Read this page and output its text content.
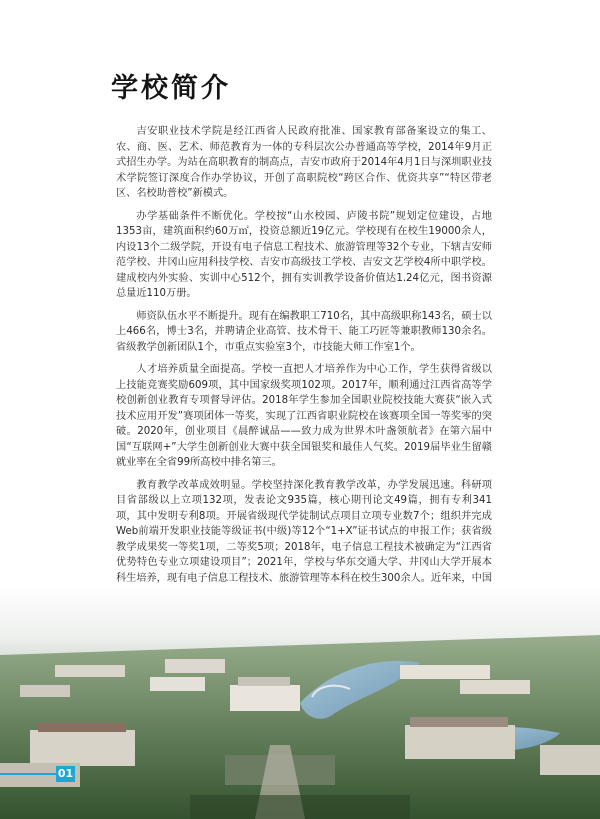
学校简介

吉安职业技术学院是经江西省人民政府批准、国家教育部备案设立的集工、农、商、医、艺术、师范教育为一体的专科层次公办普通高等学校，2014年9月正式招生办学。为站在高职教育的制高点，吉安市政府于2014年4月1日与深圳职业技术学院签订深度合作办学协议，开创了高职院校“跨区合作、优资共享”“特区带老区、名校助普校”新模式。

办学基础条件不断优化。学校按“山水校园、庐陵书院”规划定位建设，占地1353亩，建筑面积约60万㎡，投资总额近19亿元。学校现有在校生19000余人，内设13个二级学院，开设有电子信息工程技术、旅游管理等32个专业，下辖吉安师范学校、井冈山应用科技学校、吉安市高级技工学校、吉安文艺学校4所中职学校。建成校内外实验、实训中心512个，拥有实训教学设备价值达1.24亿元，图书资源总量近110万册。

师资队伍水平不断提升。现有在编教职工710名，其中高级职称143名，硕士以上466名，博士3名，并聘请企业高管、技术骨干、能工巧匠等兼职教师130余名。省级教学创新团队1个，市重点实验室3个，市技能大师工作室1个。

人才培养质量全面提高。学校一直把人才培养作为中心工作，学生获得省级以上技能竞赛奖励609项，其中国家级奖项102项。2017年，顺利通过江西省高等学校创新创业教育专项督导评估。2018年学生参加全国职业院校技能大赛获“嵌入式技术应用开发”赛项团体一等奖，实现了江西省职业院校在该赛项全国一等奖零的突破。2020年，创业项目《晨醉诚品——致力成为世界木叶盏领航者》在第六届中国“互联网+”大学生创新创业大赛中获全国银奖和最佳人气奖。2019届毕业生留赣就业率在全省99所高校中排名第三。

教育教学改革成效明显。学校坚持深化教育教学改革，办学发展迅速。科研项目省部级以上立项132项，发表论文935篇，核心期刊论文49篇，拥有专利341项，其中发明专利8项。开展省级现代学徒制试点项目立项专业数7个；组织并完成Web前端开发职业技能等级证书(中级)等12个“1+X”证书试点的申报工作；获省级教学成果奖一等奖1项，二等奖5项；2018年，电子信息工程技术被确定为“江西省优势特色专业立项建设项目”；2021年，学校与华东交通大学、井冈山大学开展本科生培养，现有电子信息工程技术、旅游管理等本科在校生300余人。近年来，中国

01
